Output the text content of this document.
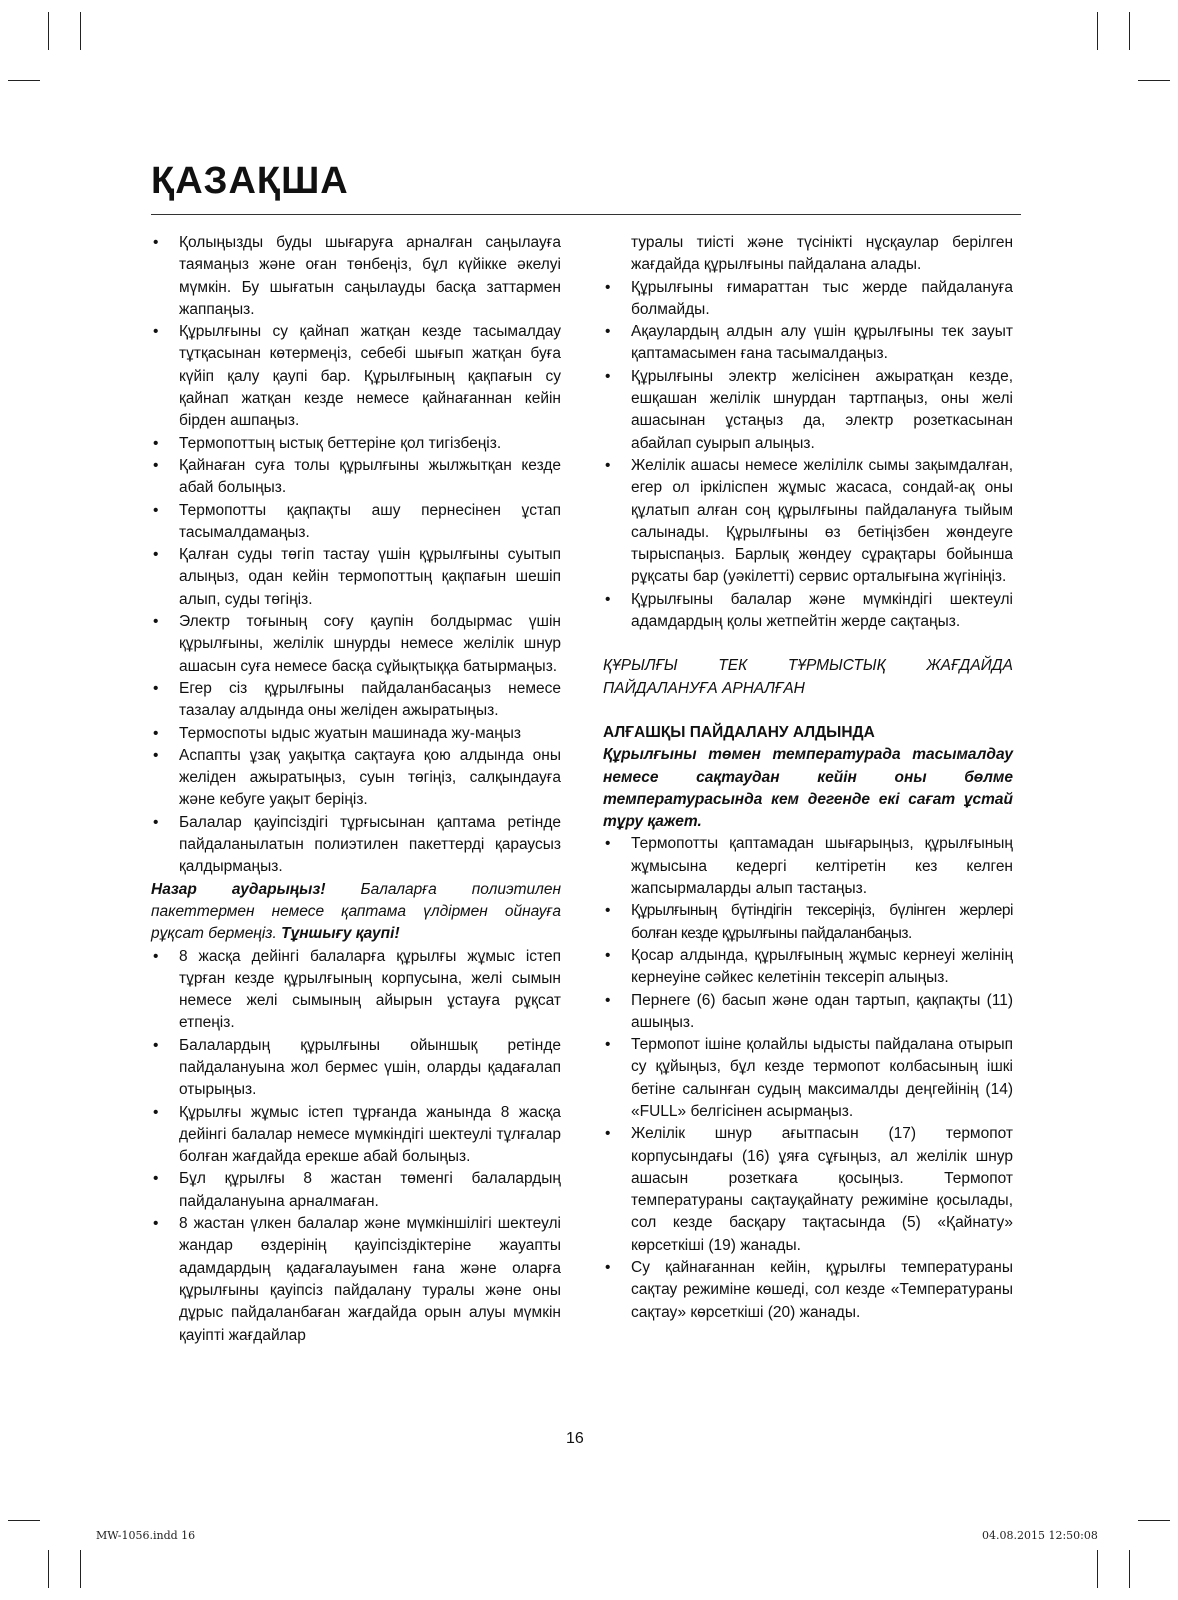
ҚАЗАҚША
• Қолыңызды буды шығаруға арналған саңылауға таямаңыз және оған төнбеңіз, бұл күйікке әкелуі мүмкін. Бу шығатын саңылауды басқа заттармен жаппаңыз.
• Құрылғыны су қайнап жатқан кезде тасымалдау тұтқасынан көтермеңіз, себебі шығып жатқан буға күйіп қалу қаупі бар. Құрылғының қақпағын су қайнап жатқан кезде немесе қайнағаннан кейін бірден ашпаңыз.
• Термопоттың ыстық беттеріне қол тигізбеңіз.
• Қайнаған суға толы құрылғыны жылжытқан кезде абай болыңыз.
• Термопотты қақпақты ашу пернесінен ұстап тасымалдамаңыз.
• Қалған суды төгіп тастау үшін құрылғыны суытып алыңыз, одан кейін термопоттың қақпағын шешіп алып, суды төгіңіз.
• Электр тоғының соғу қаупін болдырмас үшін құрылғыны, желілік шнурды немесе желілік шнур ашасын суға немесе басқа сұйықтыққа батырмаңыз.
• Егер сіз құрылғыны пайдаланбасаңыз немесе тазалау алдында оны желіден ажыратыңыз.
• Термоспоты ыдыс жуатын машинада жу-маңыз
• Аспапты ұзақ уақытқа сақтауға қою алдында оны желіден ажыратыңыз, суын төгіңіз, салқындауға және кебуге уақыт беріңіз.
• Балалар қауіпсіздігі тұрғысынан қаптама ретінде пайдаланылатын полиэтилен пакеттерді қараусыз қалдырмаңыз.

Назар аударыңыз! Балаларға полиэтилен пакеттермен немесе қаптама үлдірмен ойнауға рұқсат бермеңіз. Тұншығу қаупі!

• 8 жасқа дейінгі балаларға құрылғы жұмыс істеп тұрған кезде құрылғының корпусына, желі сымын немесе желі сымының айырын ұстауға рұқсат етпеңіз.
• Балалардың құрылғыны ойыншық ретінде пайдалануына жол бермес үшін, оларды қадағалап отырыңыз.
• Құрылғы жұмыс істеп тұрғанда жанында 8 жасқа дейінгі балалар немесе мүмкіндігі шектеулі тұлғалар болған жағдайда ерекше абай болыңыз.
• Бұл құрылғы 8 жастан төменгі балалардың пайдалануына арналмаған.
• 8 жастан үлкен балалар және мүмкіншілігі шектеулі жандар өздерінің қауіпсіздіктеріне жауапты адамдардың қадағалауымен ғана және оларға құрылғыны қауіпсіз пайдалану туралы және оны дұрыс пайдаланбаған жағдайда орын алуы мүмкін қауіпті жағдайлар

туралы тиісті және түсінікті нұсқаулар берілген жағдайда құрылғыны пайдалана алады.

• Құрылғыны ғимараттан тыс жерде пайдалануға болмайды.
• Ақаулардың алдын алу үшін құрылғыны тек зауыт қаптамасымен ғана тасымалдаңыз.
• Құрылғыны электр желісінен ажыратқан кезде, ешқашан желілік шнурдан тартпаңыз, оны желі ашасынан ұстаңыз да, электр розеткасынан абайлап суырып алыңыз.
• Желілік ашасы немесе желілілк сымы зақымдалған, егер ол іркіліспен жұмыс жасаса, сондай-ақ оны құлатып алған соң құрылғыны пайдалануға тыйым салынады. Құрылғыны өз бетіңізбен жөндеуге тырыспаңыз. Барлық жөндеу сұрақтары бойынша рұқсаты бар (уәкілетті) сервис орталығына жүгініңіз.
• Құрылғыны балалар және мүмкіндігі шектеулі адамдардың қолы жетпейтін жерде сақтаңыз.

ҚҰРЫЛҒЫ ТЕК ТҰРМЫСТЫҚ ЖАҒДАЙДА ПАЙДАЛАНУҒА АРНАЛҒАН

АЛҒАШҚЫ ПАЙДАЛАНУ АЛДЫНДА

Құрылғыны төмен температурада тасымалдау немесе сақтаудан кейін оны бөлме температурасында кем дегенде екі сағат ұстай тұру қажет.

• Термопотты қаптамадан шығарыңыз, құрылғының жұмысына кедергі келтіретін кез келген жапсырмаларды алып тастаңыз.
• Құрылғының бүтіндігін тексеріңіз, бүлінген жерлері болған кезде құрылғыны пайдаланбаңыз.
• Қосар алдында, құрылғының жұмыс кернеуі желінің кернеуіне сәйкес келетінін тексеріп алыңыз.
• Пернеге (6) басып және одан тартып, қақпақты (11) ашыңыз.
• Термопот ішіне қолайлы ыдысты пайдалана отырып су құйыңыз, бұл кезде термопот колбасының ішкі бетіне салынған судың максималды деңгейінің (14) «FULL» белгісінен асырмаңыз.
• Желілік шнур ағытпасын (17) термопот корпусындағы (16) ұяға сұғыңыз, ал желілік шнур ашасын розеткаға қосыңыз. Термопот температураны сақтауқайнату режиміне қосылады, сол кезде басқару тақтасында (5) «Қайнату» көрсеткіші (19) жанады.
• Су қайнағаннан кейін, құрылғы температураны сақтау режиміне көшеді, сол кезде «Температураны сақтау» көрсеткіші (20) жанады.
16
MW-1056.indd 16	04.08.2015 12:50:08
